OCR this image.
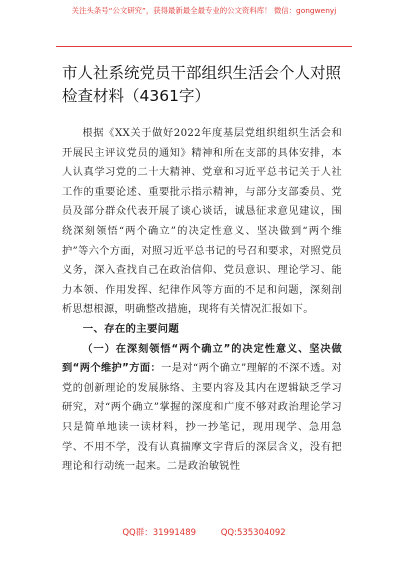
关注头条号“公文研究”，获得最新最全最专业的公文资料库！ 微信：gongwenyj
市人社系统党员干部组织生活会个人对照检查材料（4361字）

根据《XX关于做好2022年度基层党组织组织生活会和开展民主评议党员的通知》精神和所在支部的具体安排，本人认真学习党的二十大精神、党章和习近平总书记关于人社工作的重要论述、重要批示指示精神，与部分支部委员、党员及部分群众代表开展了谈心谈话，诚恳征求意见建议，围绕深刻领悟“两个确立”的决定性意义、坚决做到“两个维护”等六个方面，对照习近平总书记的号召和要求，对照党员义务，深入查找自己在政治信仰、党员意识、理论学习、能力本领、作用发挥、纪律作风等方面的不足和问题，深刻剖析思想根源，明确整改措施，现将有关情况汇报如下。

一、存在的主要问题

（一）在深刻领悟“两个确立”的决定性意义、坚决做到“两个维护”方面：一是对“两个确立”理解的不深不透。对党的创新理论的发展脉络、主要内容及其内在逻辑缺乏学习研究，对“两个确立”掌握的深度和广度不够对政治理论学习只是简单地读一读材料，抄一抄笔记，现用现学、急用急学、不用不学，没有认真揣摩文字背后的深层含义，没有把理论和行动统一起来。二是政治敏锐性

QQ群：31991489	QQ:535304092
